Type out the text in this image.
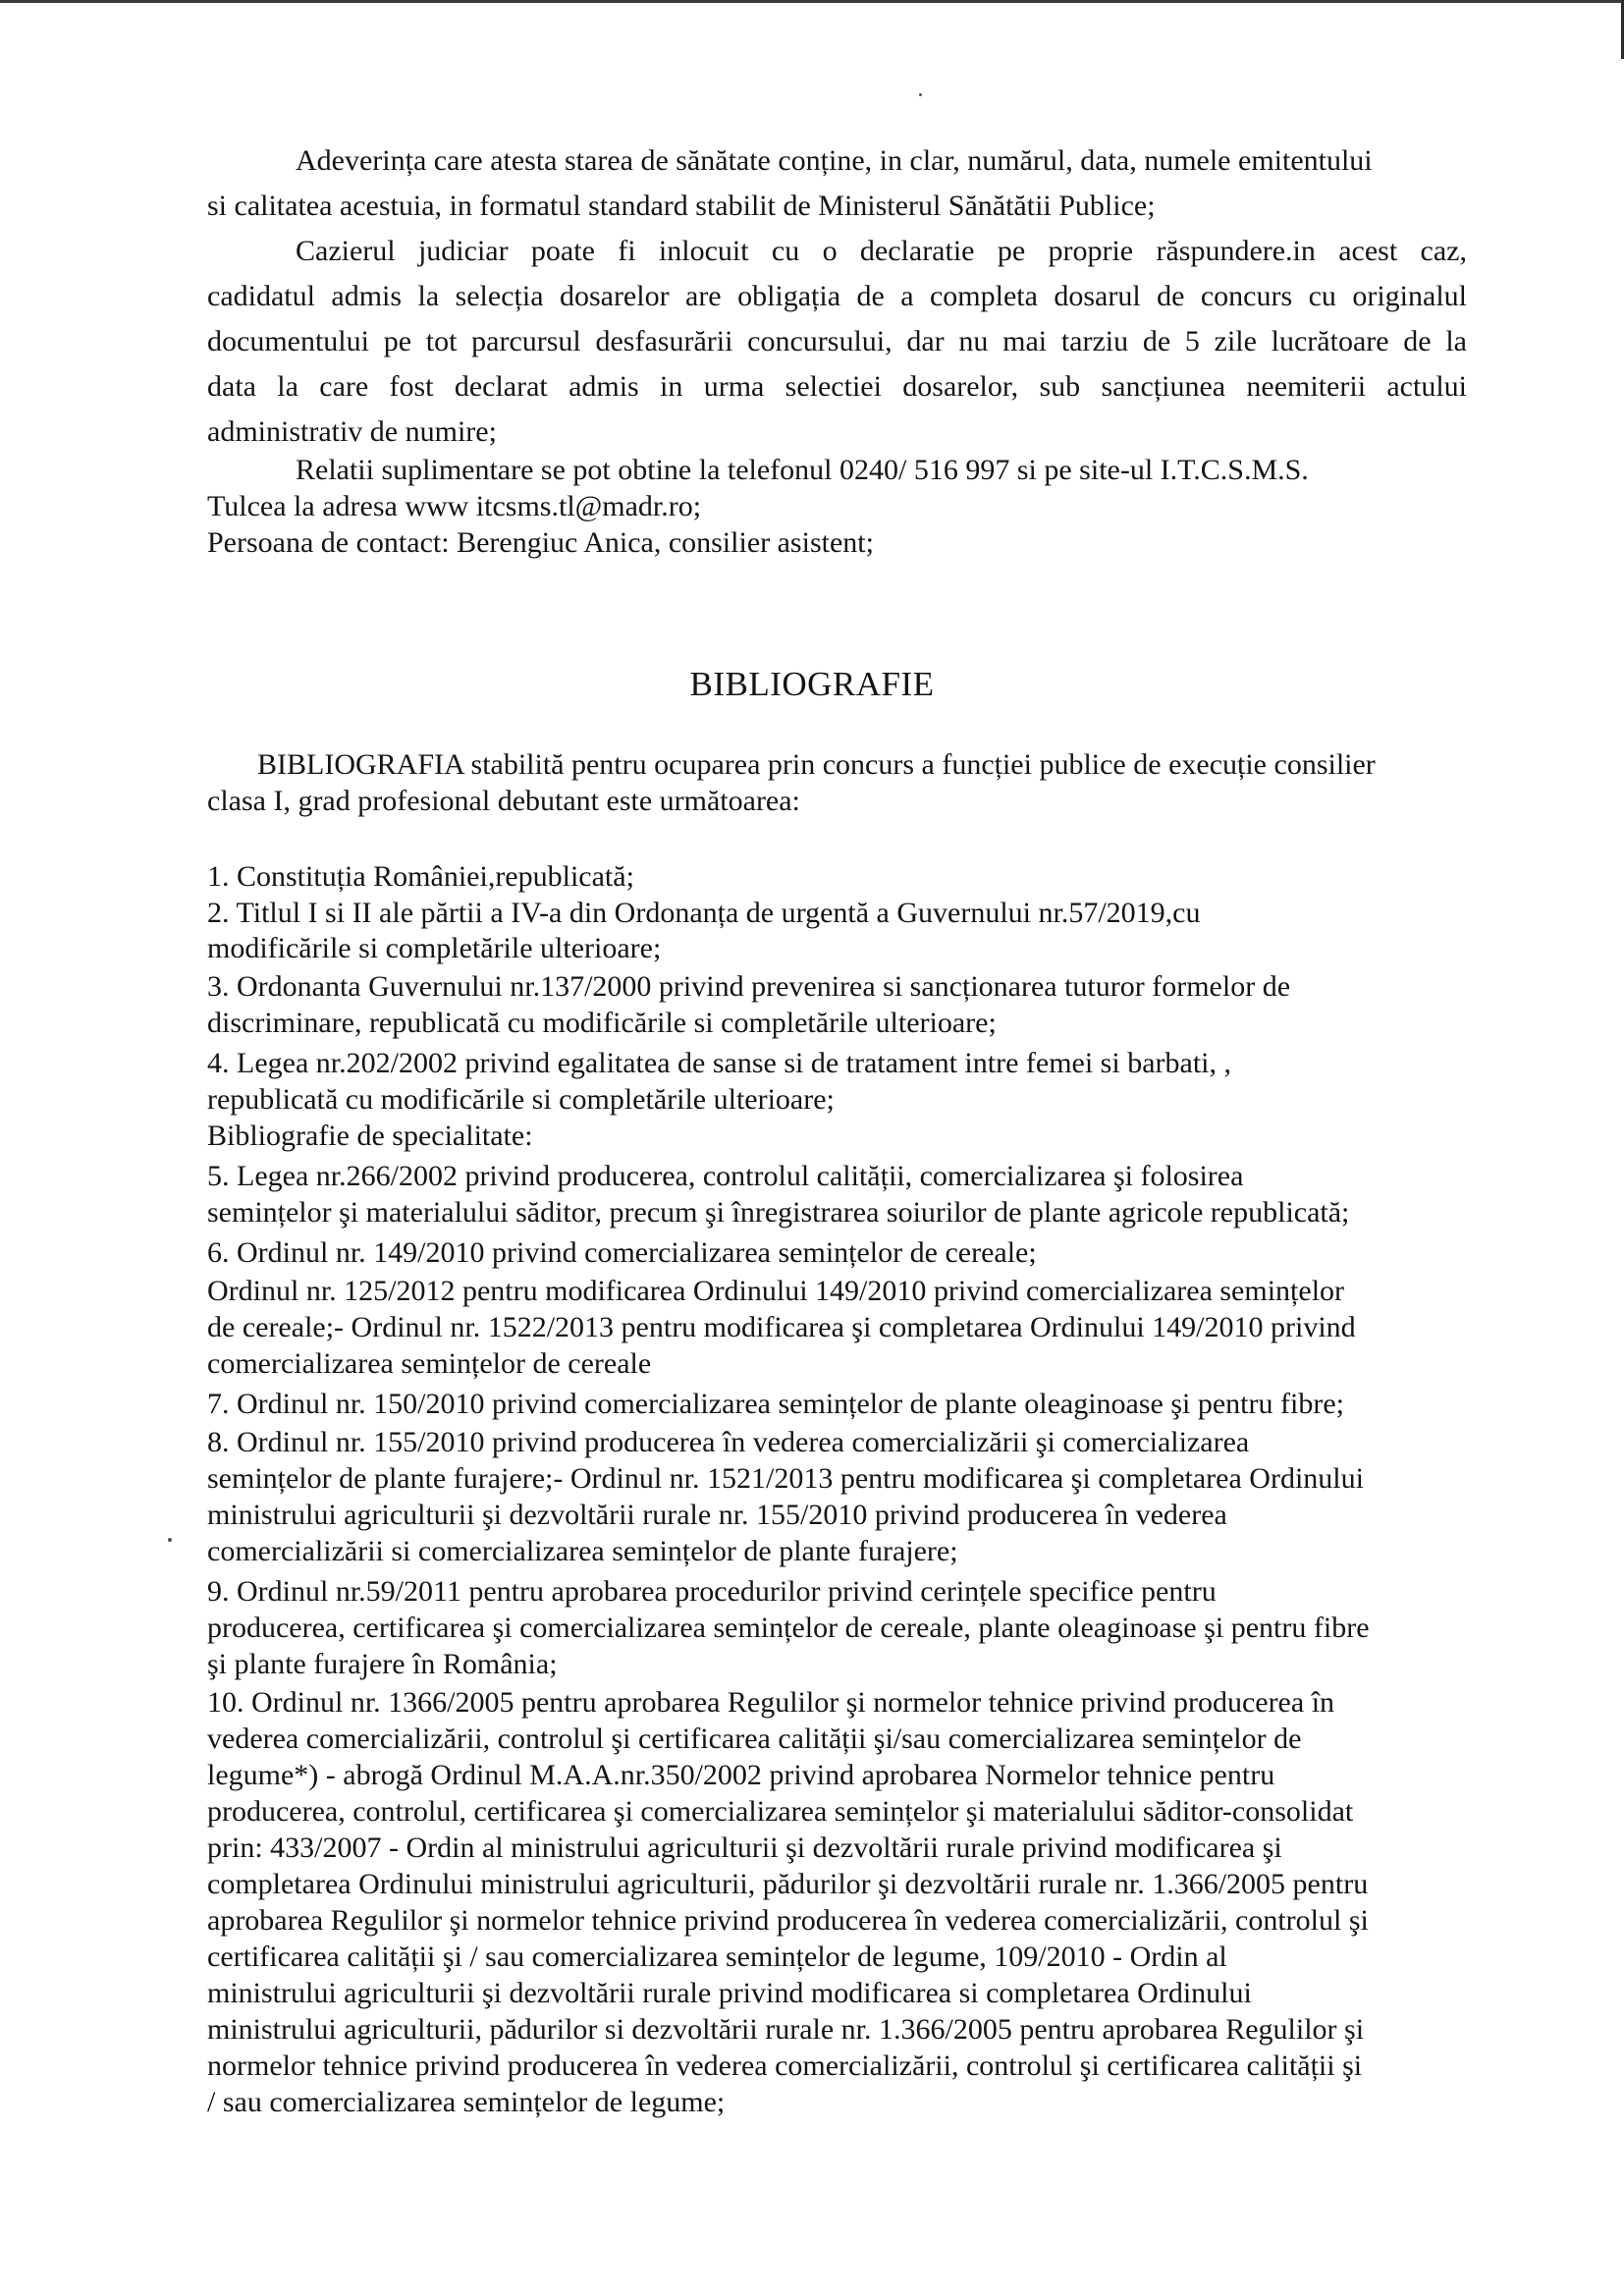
Adeverința care atesta starea de sănătate conține, in clar, numărul, data, numele emitentului
si calitatea acestuia, in formatul standard stabilit de Ministerul Sănătătii Publice;
Cazierul judiciar poate fi inlocuit cu o declaratie pe proprie răspundere.in acest caz,
cadidatul admis la selecția dosarelor are obligația de a completa dosarul de concurs cu originalul
documentului pe tot parcursul desfasurării concursului, dar nu mai tarziu de 5 zile lucrătoare de la
data la care fost declarat admis in urma selectiei dosarelor, sub sancțiunea neemiterii actului
administrativ de numire;
Relatii suplimentare se pot obtine la telefonul 0240/ 516 997 si pe site-ul I.T.C.S.M.S.
Tulcea la adresa www itcsms.tl@madr.ro;
Persoana de contact: Berengiuc Anica, consilier asistent;
BIBLIOGRAFIE
BIBLIOGRAFIA stabilită pentru ocuparea prin concurs a funcției publice de execuție consilier
clasa I, grad profesional debutant este următoarea:
1. Constituția României,republicată;
2. Titlul I si II ale părtii a IV-a din Ordonanța de urgentă a Guvernului nr.57/2019,cu
modificările si completările ulterioare;
3. Ordonanta Guvernului nr.137/2000 privind prevenirea si sancționarea tuturor formelor de
discriminare, republicată cu modificările si completările ulterioare;
4. Legea nr.202/2002 privind egalitatea de sanse si de tratament intre femei si barbati, ,
republicată cu modificările si completările ulterioare;
Bibliografie de specialitate:
5. Legea nr.266/2002 privind producerea, controlul calității, comercializarea şi folosirea
semințelor şi materialului săditor, precum şi înregistrarea soiurilor de plante agricole republicată;
6. Ordinul nr. 149/2010 privind comercializarea semințelor de cereale;
Ordinul nr. 125/2012 pentru modificarea Ordinului 149/2010 privind comercializarea semințelor
de cereale;- Ordinul nr. 1522/2013 pentru modificarea şi completarea Ordinului 149/2010 privind
comercializarea semințelor de cereale
7. Ordinul nr. 150/2010 privind comercializarea semințelor de plante oleaginoase şi pentru fibre;
8. Ordinul nr. 155/2010 privind producerea în vederea comercializării şi comercializarea
semințelor de plante furajere;- Ordinul nr. 1521/2013 pentru modificarea şi completarea Ordinului
ministrului agriculturii şi dezvoltării rurale nr. 155/2010 privind producerea în vederea
comercializării si comercializarea semințelor de plante furajere;
9. Ordinul nr.59/2011 pentru aprobarea procedurilor privind cerințele specifice pentru
producerea, certificarea şi comercializarea semințelor de cereale, plante oleaginoase şi pentru fibre
şi plante furajere în România;
10. Ordinul nr. 1366/2005 pentru aprobarea Regulilor şi normelor tehnice privind producerea în
vederea comercializării, controlul şi certificarea calității şi/sau comercializarea semințelor de
legume*) - abrogă Ordinul M.A.A.nr.350/2002 privind aprobarea Normelor tehnice pentru
producerea, controlul, certificarea şi comercializarea semințelor şi materialului săditor-consolidat
prin: 433/2007 - Ordin al ministrului agriculturii şi dezvoltării rurale privind modificarea şi
completarea Ordinului ministrului agriculturii, pădurilor şi dezvoltării rurale nr. 1.366/2005 pentru
aprobarea Regulilor şi normelor tehnice privind producerea în vederea comercializării, controlul şi
certificarea calității şi / sau comercializarea semințelor de legume, 109/2010 - Ordin al
ministrului agriculturii şi dezvoltării rurale privind modificarea si completarea Ordinului
ministrului agriculturii, pădurilor si dezvoltării rurale nr. 1.366/2005 pentru aprobarea Regulilor şi
normelor tehnice privind producerea în vederea comercializării, controlul şi certificarea calității şi
/ sau comercializarea semințelor de legume;
